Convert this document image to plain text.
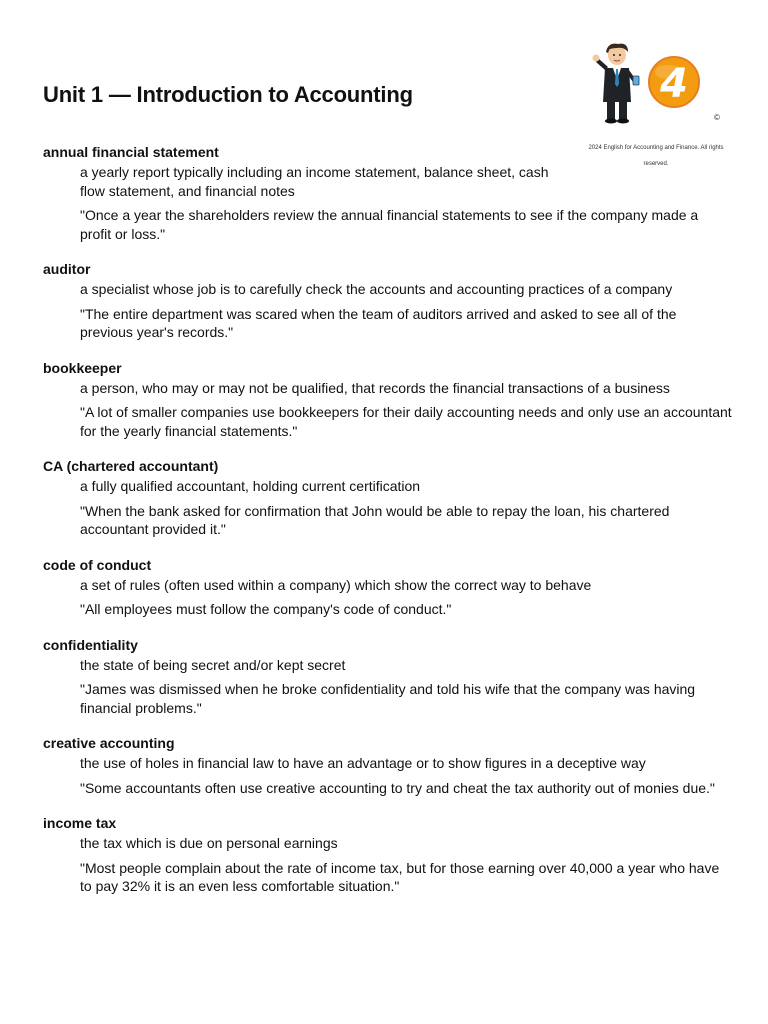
Unit 1 — Introduction to Accounting	4
©
2024 English for Accounting and Finance. All rights reserved.
annual financial statement
a yearly report typically including an income statement, balance sheet, cash flow statement, and financial notes
"Once a year the shareholders review the annual financial statements to see if the company made a profit or loss."
auditor
a specialist whose job is to carefully check the accounts and accounting practices of a company
"The entire department was scared when the team of auditors arrived and asked to see all of the previous year's records."
bookkeeper
a person, who may or may not be qualified, that records the financial transactions of a business
"A lot of smaller companies use bookkeepers for their daily accounting needs and only use an accountant for the yearly financial statements."
CA (chartered accountant)
a fully qualified accountant, holding current certification
"When the bank asked for confirmation that John would be able to repay the loan, his chartered accountant provided it."
code of conduct
a set of rules (often used within a company) which show the correct way to behave
"All employees must follow the company's code of conduct."
confidentiality
the state of being secret and/or kept secret
"James was dismissed when he broke confidentiality and told his wife that the company was having financial problems."
creative accounting
the use of holes in financial law to have an advantage or to show figures in a deceptive way
"Some accountants often use creative accounting to try and cheat the tax authority out of monies due."
income tax
the tax which is due on personal earnings
"Most people complain about the rate of income tax, but for those earning over 40,000 a year who have to pay 32% it is an even less comfortable situation."
